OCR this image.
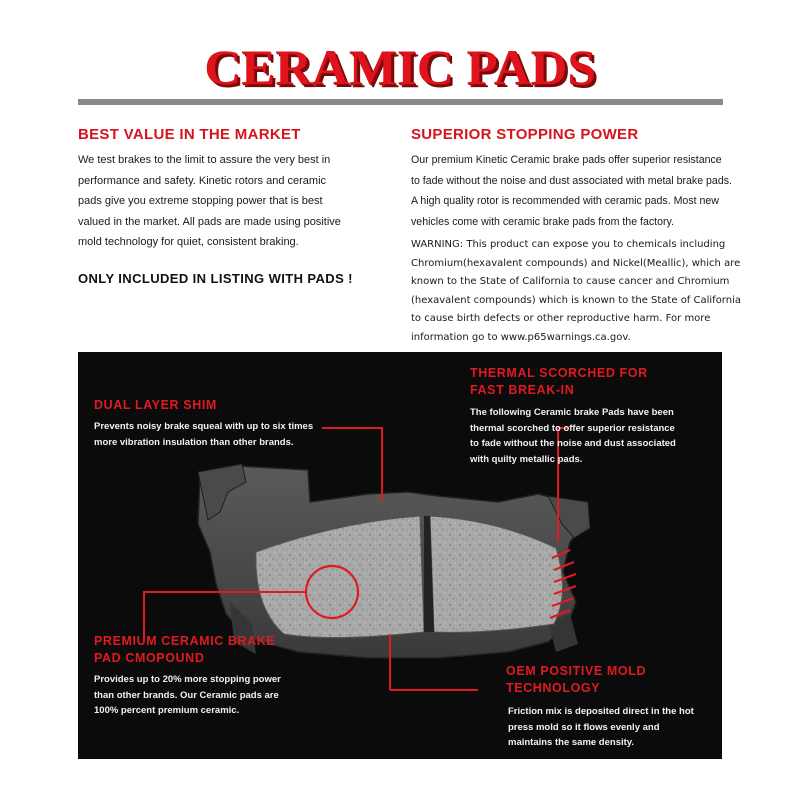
CERAMIC PADS
BEST VALUE IN THE MARKET
We test brakes to the limit to assure the very best in
performance and safety. Kinetic rotors and ceramic
pads give you extreme stopping power that is best
valued in the market. All pads are made using positive
mold technology for quiet, consistent braking.
ONLY INCLUDED IN LISTING WITH PADS !
SUPERIOR STOPPING POWER
Our premium Kinetic Ceramic brake pads offer superior resistance
to fade without the noise and dust associated with metal brake pads.
A high quality rotor is recommended with ceramic pads. Most new
vehicles come with ceramic brake pads from the factory.
WARNING: This product can expose you to chemicals including
Chromium(hexavalent compounds) and Nickel(Meallic), which are
known to the State of California to cause cancer and Chromium
(hexavalent compounds) which is known to the State of California
to cause birth defects or other reproductive harm. For more
information go to www.p65warnings.ca.gov.
DUAL LAYER SHIM
Prevents noisy brake squeal with up to six times
more vibration insulation than other brands.
THERMAL SCORCHED FOR
FAST BREAK-IN
The following Ceramic brake Pads have been
thermal scorched to offer superior resistance
to fade without the noise and dust associated
with quilty metallic pads.
PREMIUM CERAMIC BRAKE
PAD CMOPOUND
Provides up to 20% more stopping power
than other brands. Our Ceramic pads are
100% percent premium ceramic.
OEM POSITIVE MOLD
TECHNOLOGY
Friction mix is deposited direct in the hot
press mold so it flows evenly and
maintains the same density.
